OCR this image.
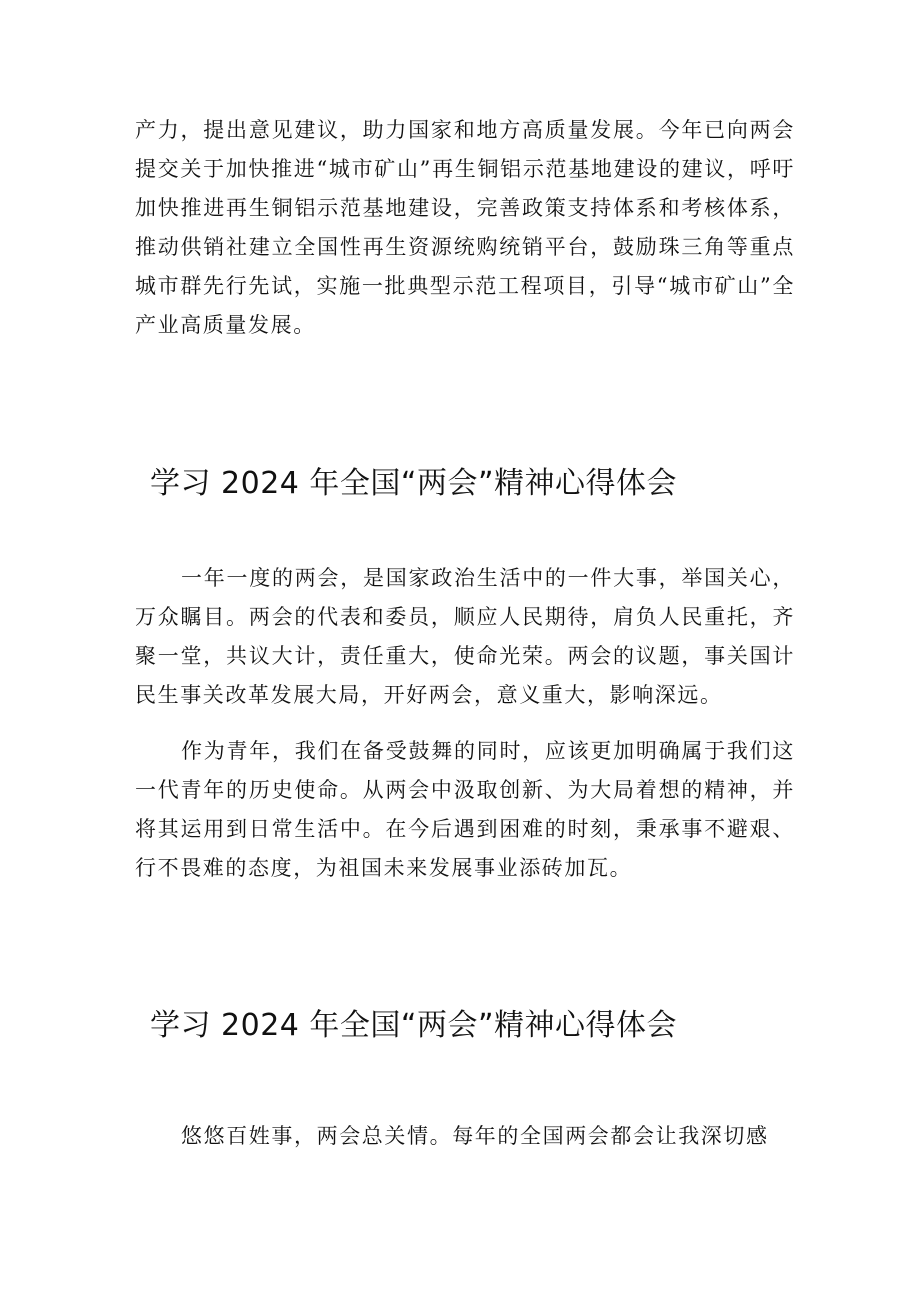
产力，提出意见建议，助力国家和地方高质量发展。今年已向两会提交关于加快推进“城市矿山”再生铜铝示范基地建设的建议，呼吁加快推进再生铜铝示范基地建设，完善政策支持体系和考核体系，推动供销社建立全国性再生资源统购统销平台，鼓励珠三角等重点城市群先行先试，实施一批典型示范工程项目，引导“城市矿山”全产业高质量发展。

学习 2024 年全国“两会”精神心得体会

一年一度的两会，是国家政治生活中的一件大事，举国关心，万众瞩目。两会的代表和委员，顺应人民期待，肩负人民重托，齐聚一堂，共议大计，责任重大，使命光荣。两会的议题，事关国计民生事关改革发展大局，开好两会，意义重大，影响深远。

作为青年，我们在备受鼓舞的同时，应该更加明确属于我们这一代青年的历史使命。从两会中汲取创新、为大局着想的精神，并将其运用到日常生活中。在今后遇到困难的时刻，秉承事不避艰、行不畏难的态度，为祖国未来发展事业添砖加瓦。

学习 2024 年全国“两会”精神心得体会

悠悠百姓事，两会总关情。每年的全国两会都会让我深切感
